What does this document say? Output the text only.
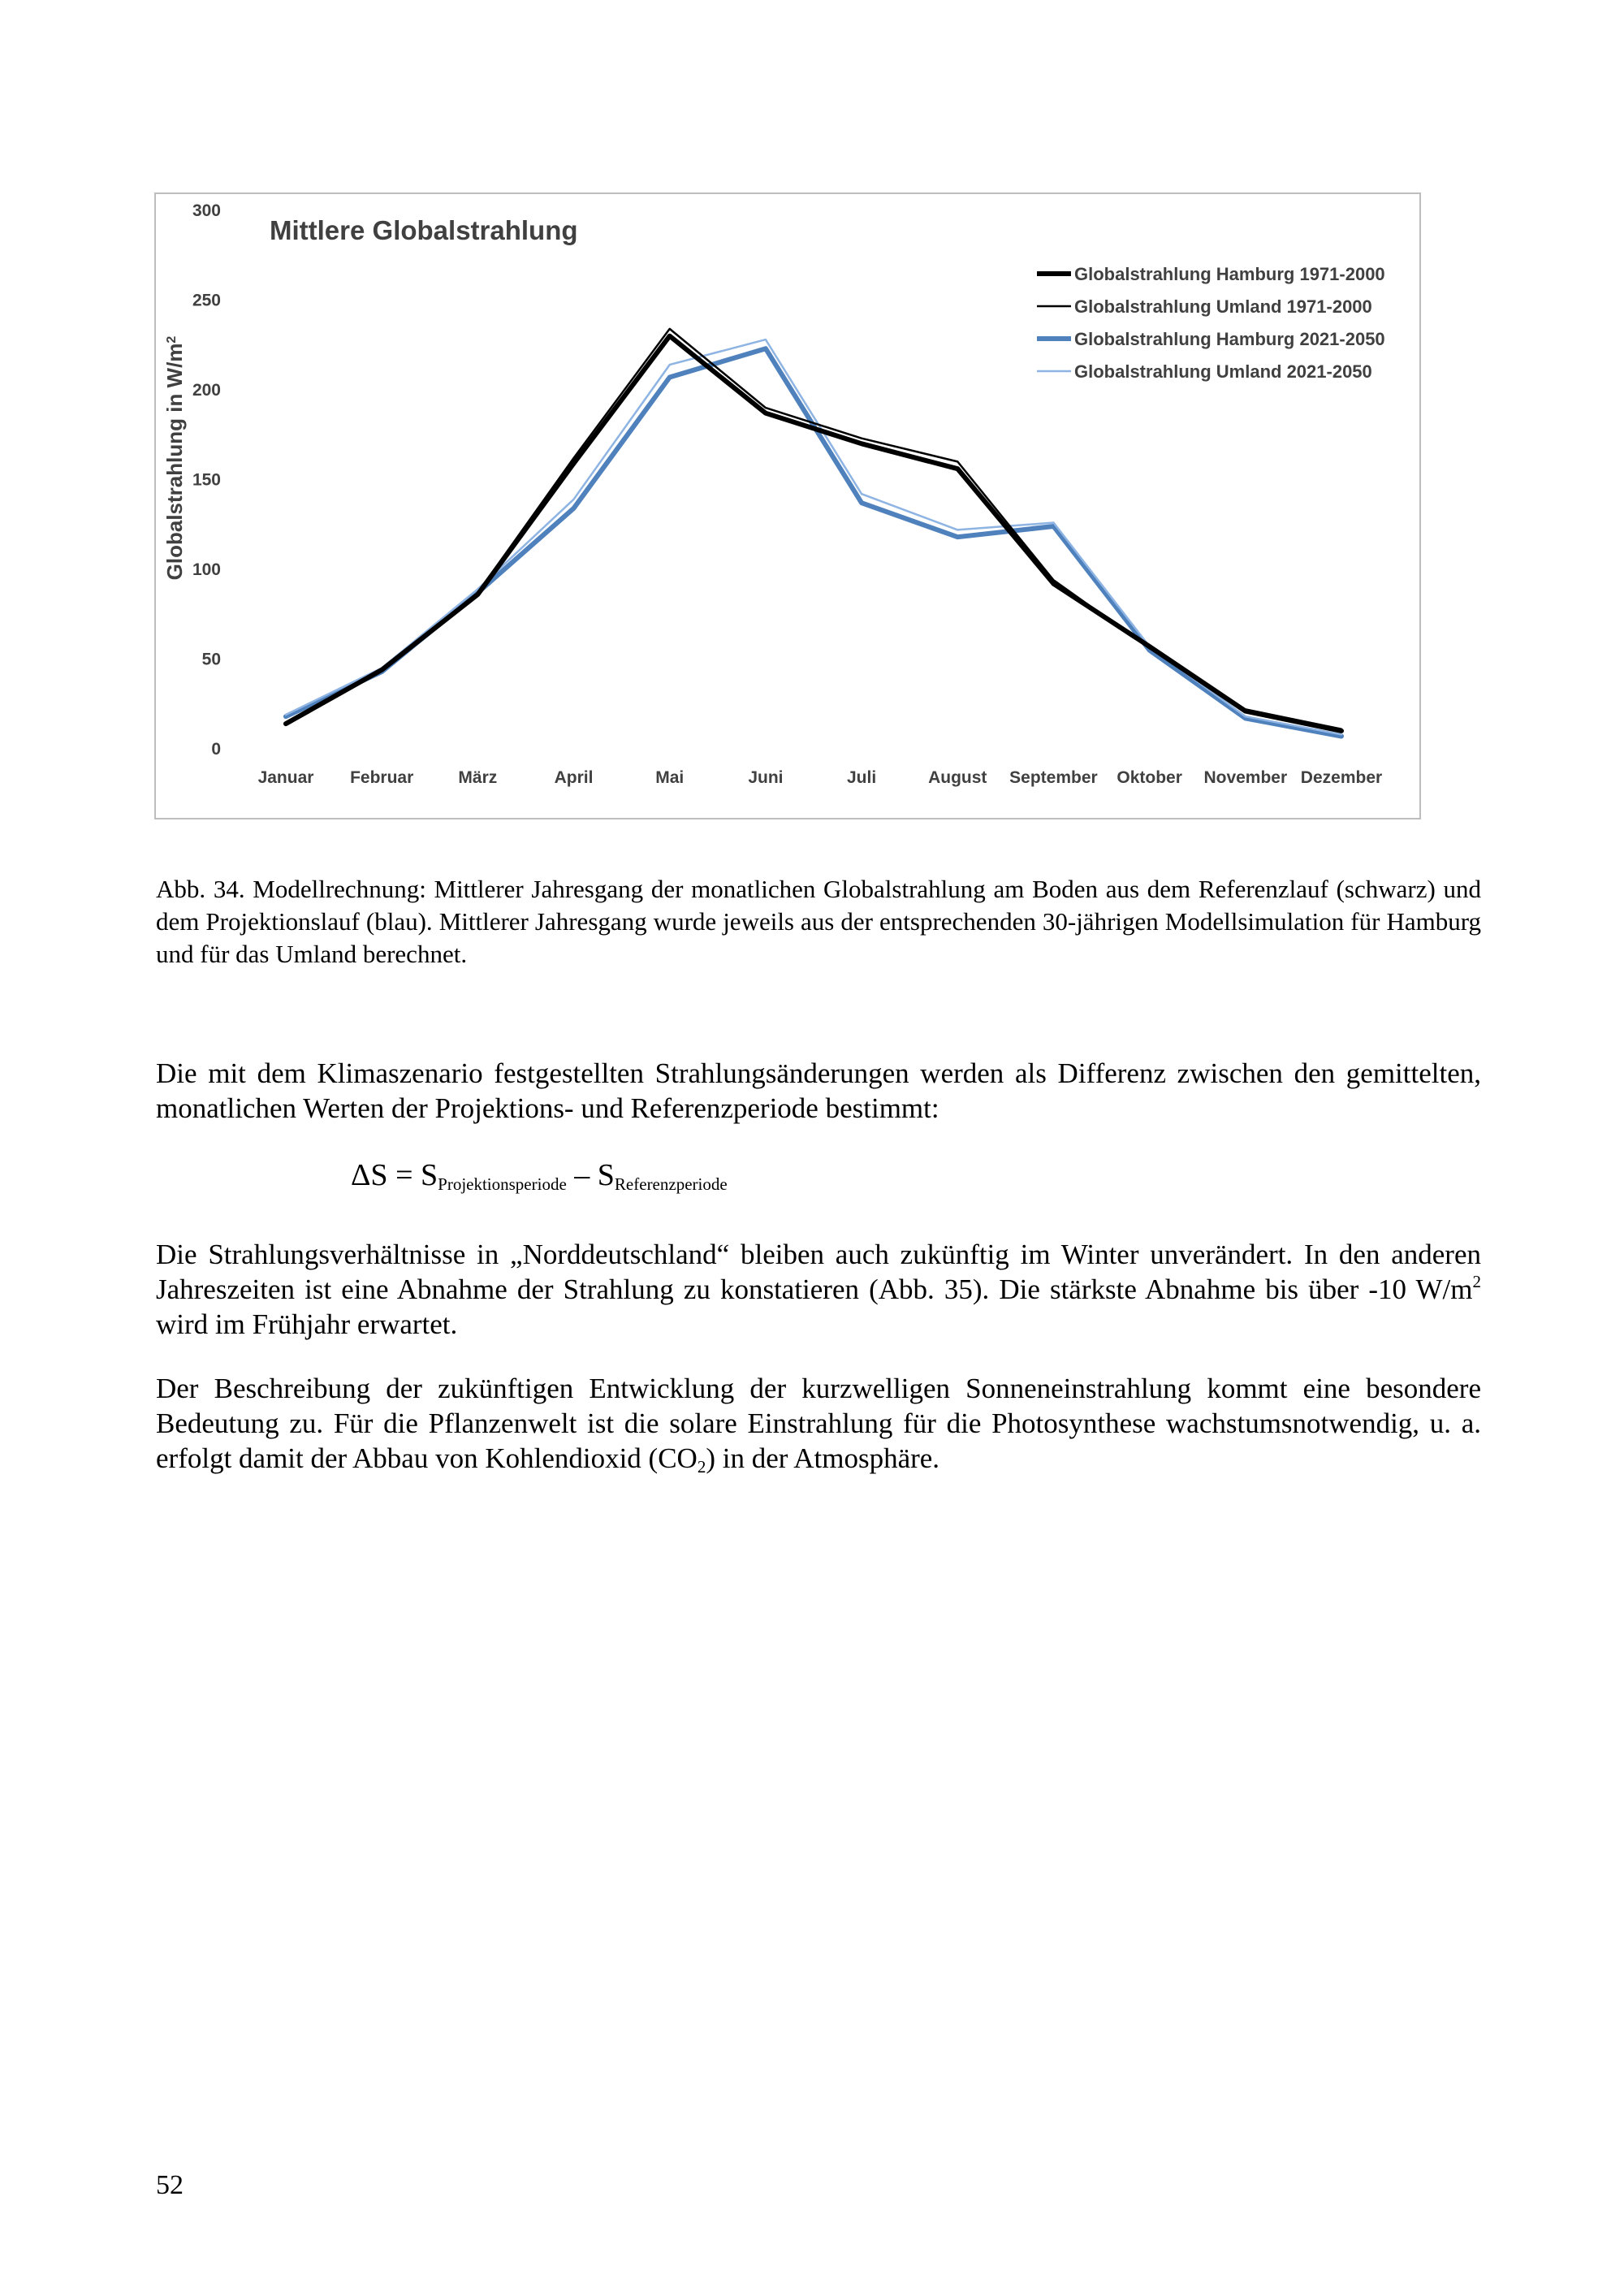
Mittlere Globalstrahlung
0
50
100
150
200
250
300
Januar Februar	März	April	Mai	Juni	Juli	August September Oktober November Dezember
Globalstrahlung in $W/m^2$
Globalstrahlung Hamburg 1971-2000
Globalstrahlung Umland 1971-2000
Globalstrahlung Hamburg 2021-2050
Globalstrahlung Umland 2021-2050
Abb. 34. Modellrechnung: Mittlerer Jahresgang der monatlichen Globalstrahlung am Boden aus dem Referenzlauf (schwarz) und dem Projektionslauf (blau). Mittlerer Jahresgang wurde jeweils aus der entsprechenden 30-jährigen Modellsimulation für Hamburg und für das Umland berechnet.
Die mit dem Klimaszenario festgestellten Strahlungsänderungen werden als Differenz zwischen den gemittelten, monatlichen Werten der Projektions- und Referenzperiode bestimmt:
$\Delta S = S_{Projektionsperiode} - S_{Referenzperiode}$
Die Strahlungsverhältnisse in „Norddeutschland“ bleiben auch zukünftig im Winter unverändert. In den anderen Jahreszeiten ist eine Abnahme der Strahlung zu konstatieren (Abb. 35). Die stärkste Abnahme bis über -10 $W/m^2$ wird im Frühjahr erwartet.
Der Beschreibung der zukünftigen Entwicklung der kurzwelligen Sonneneinstrahlung kommt eine besondere Bedeutung zu. Für die Pflanzenwelt ist die solare Einstrahlung für die Photosynthese wachstumsnotwendig, u. a. erfolgt damit der Abbau von Kohlendioxid $(CO_2)$ in der Atmosphäre.
52
